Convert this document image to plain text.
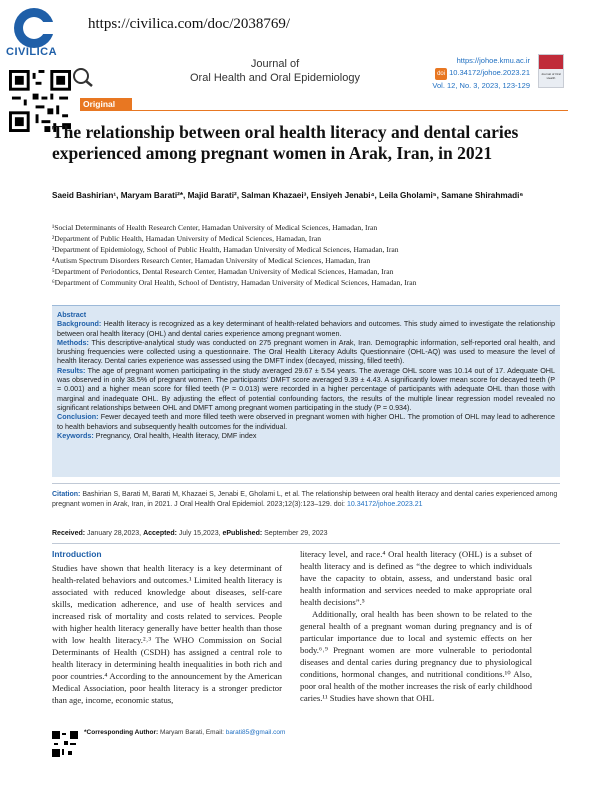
CIVILICA
https://civilica.com/doc/2038769/
Journal of
Oral Health and Oral Epidemiology
https://johoe.kmu.ac.ir
doi 10.34172/johoe.2023.21
Vol. 12, No. 3, 2023, 123-129
Journal of Oral Health
Original Article
The relationship between oral health literacy and dental caries experienced among pregnant women in Arak, Iran, in 2021
Saeid Bashirian¹, Maryam Barati²*, Majid Barati², Salman Khazaei³, Ensiyeh Jenabi⁴, Leila Gholami⁵, Samane Shirahmadi⁶
¹Social Determinants of Health Research Center, Hamadan University of Medical Sciences, Hamadan, Iran
²Department of Public Health, Hamadan University of Medical Sciences, Hamadan, Iran
³Department of Epidemiology, School of Public Health, Hamadan University of Medical Sciences, Hamadan, Iran
⁴Autism Spectrum Disorders Research Center, Hamadan University of Medical Sciences, Hamadan, Iran
⁵Department of Periodontics, Dental Research Center, Hamadan University of Medical Sciences, Hamadan, Iran
⁶Department of Community Oral Health, School of Dentistry, Hamadan University of Medical Sciences, Hamadan, Iran

Abstract

Background: Health literacy is recognized as a key determinant of health-related behaviors and outcomes. This study aimed to investigate the relationship between oral health literacy (OHL) and dental caries experience among pregnant women.

Methods: This descriptive-analytical study was conducted on 275 pregnant women in Arak, Iran. Demographic information, self-reported oral health, and brushing frequencies were collected using a questionnaire. The Oral Health Literacy Adults Questionnaire (OHL-AQ) was used to measure the level of health literacy. Dental caries experience was assessed using the DMFT index (decayed, missing, filled teeth).

Results: The age of pregnant women participating in the study averaged 29.67 ± 5.54 years. The average OHL score was 10.14 out of 17. Adequate OHL was observed in only 38.5% of pregnant women. The participants’ DMFT score averaged 9.39 ± 4.43. A significantly lower mean score for decayed teeth (P = 0.001) and a higher mean score for filled teeth (P = 0.013) were recorded in a higher percentage of participants with adequate OHL than those with marginal and inadequate OHL. By adjusting the effect of potential confounding factors, the results of the multiple linear regression model revealed no significant relationships between OHL and DMFT among pregnant women participating in the study (P = 0.934).

Conclusion: Fewer decayed teeth and more filled teeth were observed in pregnant women with higher OHL. The promotion of OHL may lead to adherence to health behaviors and subsequently health outcomes for the individual.

Keywords: Pregnancy, Oral health, Health literacy, DMF index

Citation: Bashirian S, Barati M, Barati M, Khazaei S, Jenabi E, Gholami L, et al. The relationship between oral health literacy and dental caries experienced among pregnant women in Arak, Iran, in 2021. J Oral Health Oral Epidemiol. 2023;12(3):123–129. doi: 10.34172/johoe.2023.21
Received: January 28,2023, Accepted: July 15,2023, ePublished: September 29, 2023
Introduction

Studies have shown that health literacy is a key determinant of health-related behaviors and outcomes.¹ Limited health literacy is associated with reduced knowledge about diseases, self-care skills, medication adherence, and use of health services and increased risk of mortality and costs related to services. People with higher health literacy generally have better health than those with low health literacy.²˒³ The WHO Commission on Social Determinants of Health (CSDH) has assigned a central role to health literacy in determining health inequalities in both rich and poor countries.⁴ According to the announcement by the American Medical Association, poor health literacy is a stronger predictor than age, income, economic status,

literacy level, and race.⁴ Oral health literacy (OHL) is a subset of health literacy and is defined as “the degree to which individuals have the capacity to obtain, assess, and understand basic oral health information and services needed to make appropriate oral health decisions”.⁵

Additionally, oral health has been shown to be related to the general health of a pregnant woman during pregnancy and is of particular importance due to local and systemic effects on her body.⁶˒⁹ Pregnant women are more vulnerable to periodontal diseases and dental caries during pregnancy due to physiological conditions, hormonal changes, and nutritional conditions.¹⁰ Also, poor oral health of the mother increases the risk of early childhood caries.¹¹ Studies have shown that OHL

*Corresponding Author: Maryam Barati, Email: barati85@gmail.com
